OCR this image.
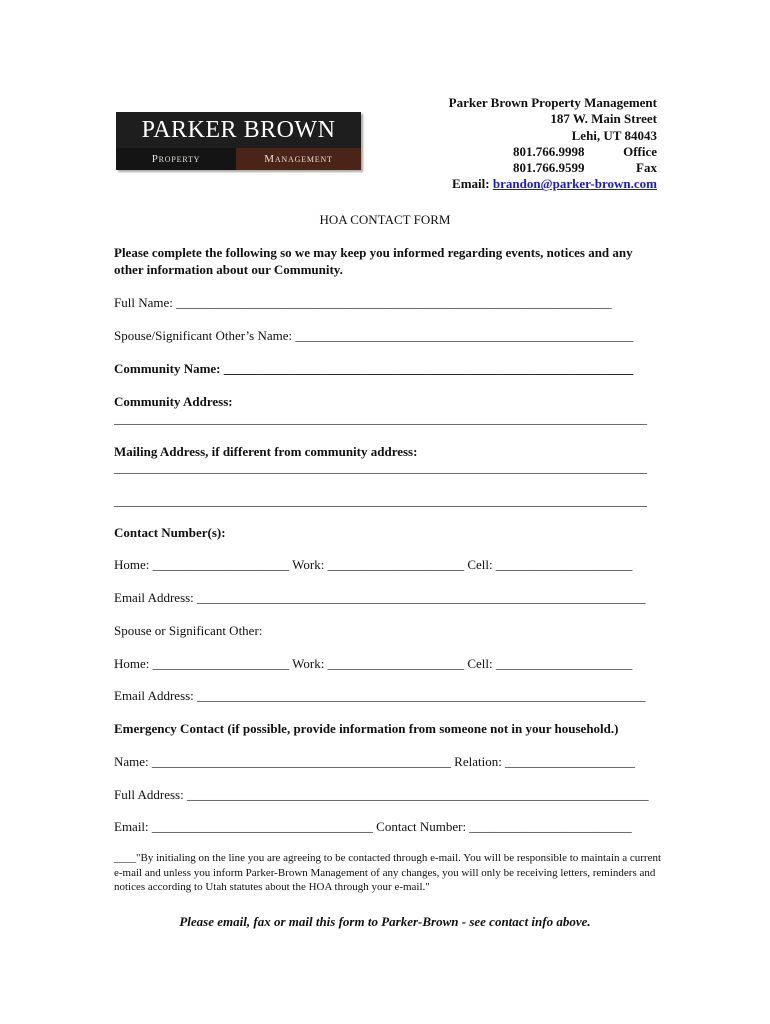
PARKER BROWN
Property	Management
Parker Brown Property Management
187 W. Main Street
Lehi, UT 84043
801.766.9998	Office
801.766.9599	Fax
Email: brandon@parker-brown.com
HOA CONTACT FORM
Please complete the following so we may keep you informed regarding events, notices and any other information about our Community.
Full Name: ___________________________________________________________________
Spouse/Significant Other’s Name: ____________________________________________________
Community Name: _______________________________________________________________
Community Address:
__________________________________________________________________________________
Mailing Address, if different from community address:
__________________________________________________________________________________
__________________________________________________________________________________
Contact Number(s):
Home: _____________________ Work: _____________________ Cell: _____________________
Email Address: _____________________________________________________________________
Spouse or Significant Other:
Home: _____________________ Work: _____________________ Cell: _____________________
Email Address: _____________________________________________________________________
Emergency Contact (if possible, provide information from someone not in your household.)
Name: ______________________________________________ Relation: ____________________
Full Address: _______________________________________________________________________
Email: __________________________________ Contact Number: _________________________
____"By initialing on the line you are agreeing to be contacted through e-mail. You will be responsible to maintain a current e-mail and unless you inform Parker-Brown Management of any changes, you will only be receiving letters, reminders and notices according to Utah statutes about the HOA through your e-mail."
Please email, fax or mail this form to Parker-Brown - see contact info above.
